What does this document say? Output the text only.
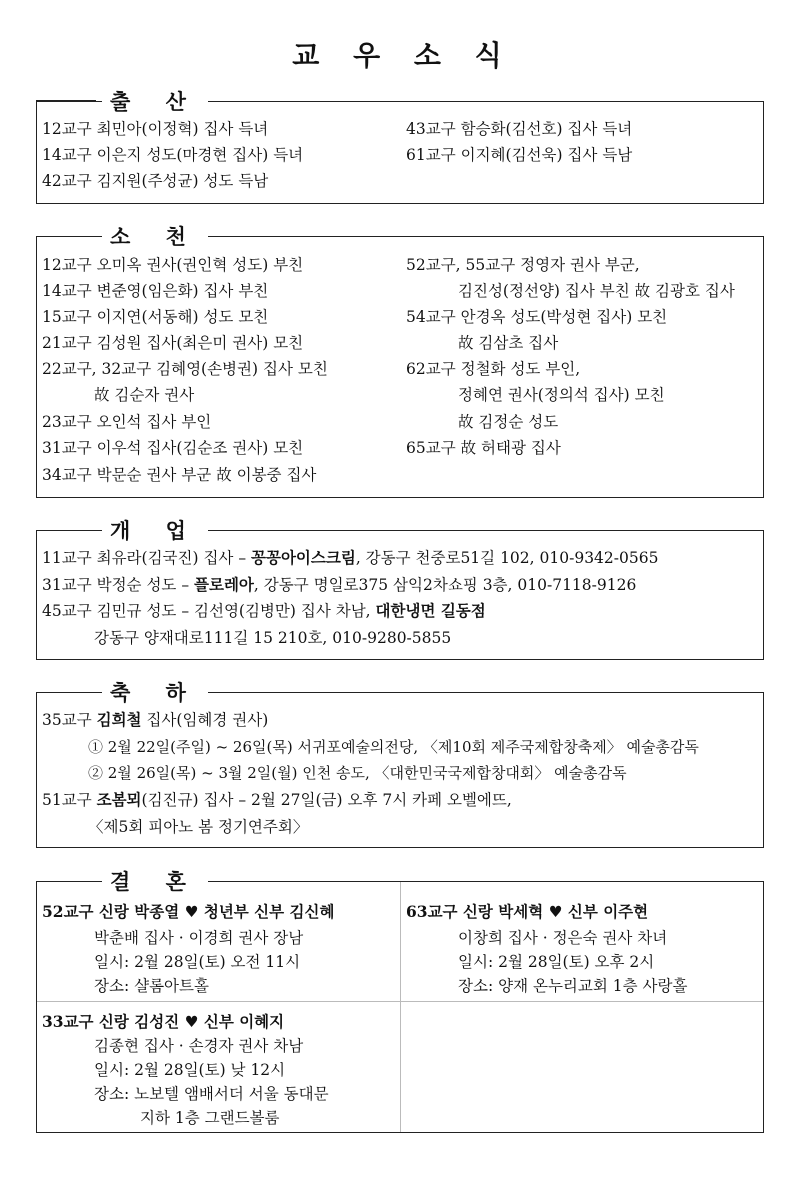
교 우 소 식
출 산
12교구 최민아(이정혁) 집사 득녀
14교구 이은지 성도(마경현 집사) 득녀
42교구 김지원(주성균) 성도 득남
43교구 함승화(김선호) 집사 득녀
61교구 이지혜(김선욱) 집사 득남
소 천
12교구 오미옥 권사(권인혁 성도) 부친
14교구 변준영(임은화) 집사 부친
15교구 이지연(서동해) 성도 모친
21교구 김성원 집사(최은미 권사) 모친
22교구, 32교구 김혜영(손병권) 집사 모친
故 김순자 권사
23교구 오인석 집사 부인
31교구 이우석 집사(김순조 권사) 모친
34교구 박문순 권사 부군 故 이봉중 집사
52교구, 55교구 정영자 권사 부군,
김진성(정선양) 집사 부친 故 김광호 집사
54교구 안경옥 성도(박성현 집사) 모친
故 김삼초 집사
62교구 정철화 성도 부인,
정혜연 권사(정의석 집사) 모친
故 김정순 성도
65교구 故 허태광 집사
개 업
11교구 최유라(김국진) 집사 – 꽁꽁아이스크림, 강동구 천중로51길 102, 010-9342-0565
31교구 박정순 성도 – 플로레아, 강동구 명일로375 삼익2차쇼핑 3층, 010-7118-9126
45교구 김민규 성도 – 김선영(김병만) 집사 차남, 대한냉면 길동점
강동구 양재대로111길 15 210호, 010-9280-5855
축 하
35교구 김희철 집사(임혜경 권사)
① 2월 22일(주일) ~ 26일(목) 서귀포예술의전당, 〈제10회 제주국제합창축제〉 예술총감독
② 2월 26일(목) ~ 3월 2일(월) 인천 송도, 〈대한민국국제합창대회〉 예술총감독
51교구 조봄뫼(김진규) 집사 – 2월 27일(금) 오후 7시 카페 오벨에뜨,
〈제5회 피아노 봄 정기연주회〉
결 혼
52교구 신랑 박종열 ♥ 청년부 신부 김신혜
박춘배 집사 · 이경희 권사 장남
일시: 2월 28일(토) 오전 11시
장소: 샬롬아트홀
63교구 신랑 박세혁 ♥ 신부 이주현
이창희 집사 · 정은숙 권사 차녀
일시: 2월 28일(토) 오후 2시
장소: 양재 온누리교회 1층 사랑홀
33교구 신랑 김성진 ♥ 신부 이혜지
김종현 집사 · 손경자 권사 차남
일시: 2월 28일(토) 낮 12시
장소: 노보텔 앰배서더 서울 동대문
지하 1층 그랜드볼룸
